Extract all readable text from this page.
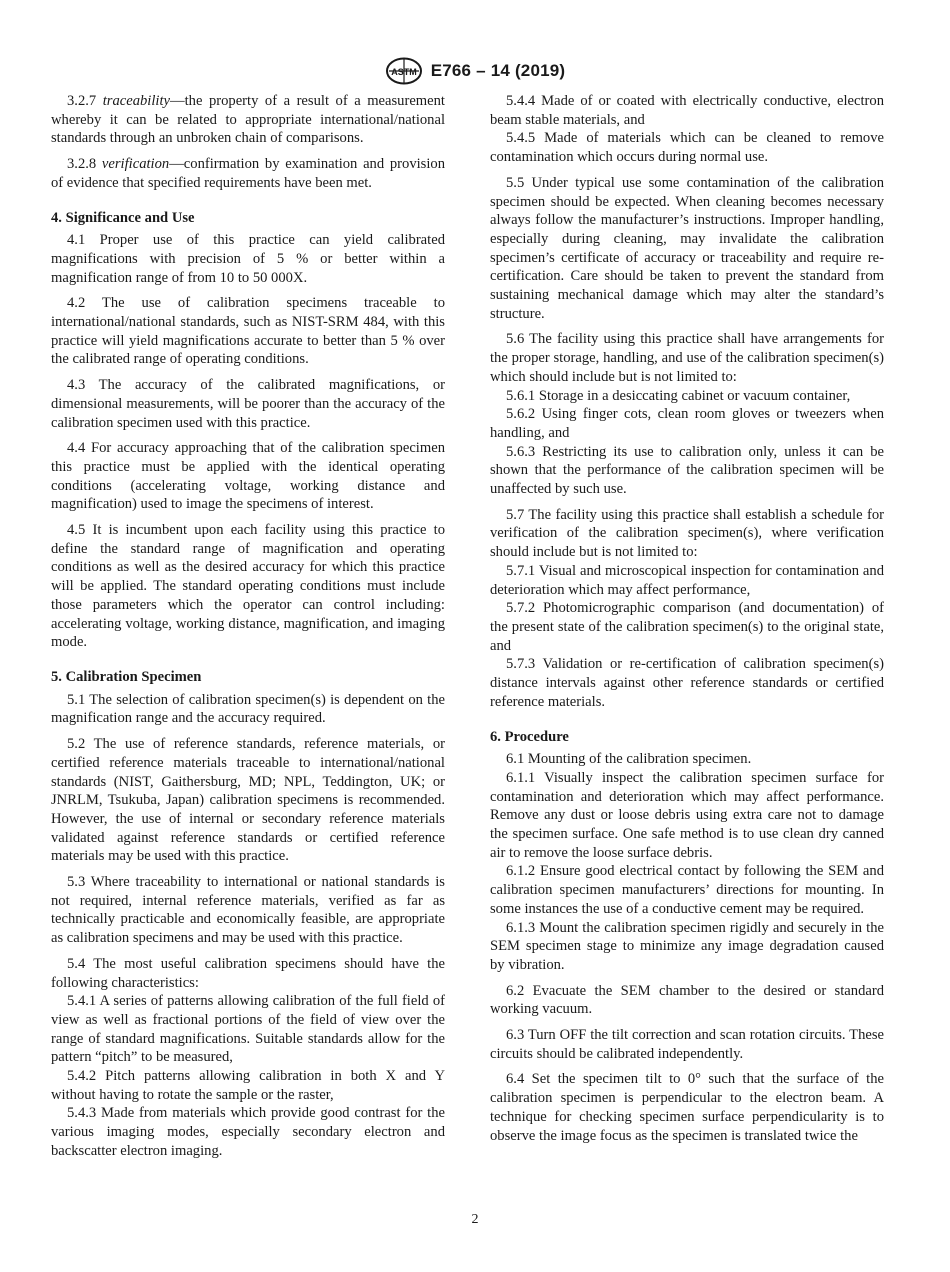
ASTM E766 – 14 (2019)

3.2.7 traceability—the property of a result of a measurement whereby it can be related to appropriate international/national standards through an unbroken chain of comparisons.

3.2.8 verification—confirmation by examination and provision of evidence that specified requirements have been met.

4. Significance and Use

4.1 Proper use of this practice can yield calibrated magnifications with precision of 5 % or better within a magnification range of from 10 to 50 000X.

4.2 The use of calibration specimens traceable to international/national standards, such as NIST-SRM 484, with this practice will yield magnifications accurate to better than 5 % over the calibrated range of operating conditions.

4.3 The accuracy of the calibrated magnifications, or dimensional measurements, will be poorer than the accuracy of the calibration specimen used with this practice.

4.4 For accuracy approaching that of the calibration specimen this practice must be applied with the identical operating conditions (accelerating voltage, working distance and magnification) used to image the specimens of interest.

4.5 It is incumbent upon each facility using this practice to define the standard range of magnification and operating conditions as well as the desired accuracy for which this practice will be applied. The standard operating conditions must include those parameters which the operator can control including: accelerating voltage, working distance, magnification, and imaging mode.

5. Calibration Specimen

5.1 The selection of calibration specimen(s) is dependent on the magnification range and the accuracy required.

5.2 The use of reference standards, reference materials, or certified reference materials traceable to international/national standards (NIST, Gaithersburg, MD; NPL, Teddington, UK; or JNRLM, Tsukuba, Japan) calibration specimens is recommended. However, the use of internal or secondary reference materials validated against reference standards or certified reference materials may be used with this practice.

5.3 Where traceability to international or national standards is not required, internal reference materials, verified as far as technically practicable and economically feasible, are appropriate as calibration specimens and may be used with this practice.

5.4 The most useful calibration specimens should have the following characteristics:

5.4.1 A series of patterns allowing calibration of the full field of view as well as fractional portions of the field of view over the range of standard magnifications. Suitable standards allow for the pattern “pitch” to be measured,

5.4.2 Pitch patterns allowing calibration in both X and Y without having to rotate the sample or the raster,

5.4.3 Made from materials which provide good contrast for the various imaging modes, especially secondary electron and backscatter electron imaging.

5.4.4 Made of or coated with electrically conductive, electron beam stable materials, and

5.4.5 Made of materials which can be cleaned to remove contamination which occurs during normal use.

5.5 Under typical use some contamination of the calibration specimen should be expected. When cleaning becomes necessary always follow the manufacturer’s instructions. Improper handling, especially during cleaning, may invalidate the calibration specimen’s certificate of accuracy or traceability and require re-certification. Care should be taken to prevent the standard from sustaining mechanical damage which may alter the standard’s structure.

5.6 The facility using this practice shall have arrangements for the proper storage, handling, and use of the calibration specimen(s) which should include but is not limited to:

5.6.1 Storage in a desiccating cabinet or vacuum container,

5.6.2 Using finger cots, clean room gloves or tweezers when handling, and

5.6.3 Restricting its use to calibration only, unless it can be shown that the performance of the calibration specimen will be unaffected by such use.

5.7 The facility using this practice shall establish a schedule for verification of the calibration specimen(s), where verification should include but is not limited to:

5.7.1 Visual and microscopical inspection for contamination and deterioration which may affect performance,

5.7.2 Photomicrographic comparison (and documentation) of the present state of the calibration specimen(s) to the original state, and

5.7.3 Validation or re-certification of calibration specimen(s) distance intervals against other reference standards or certified reference materials.

6. Procedure

6.1 Mounting of the calibration specimen.

6.1.1 Visually inspect the calibration specimen surface for contamination and deterioration which may affect performance. Remove any dust or loose debris using extra care not to damage the specimen surface. One safe method is to use clean dry canned air to remove the loose surface debris.

6.1.2 Ensure good electrical contact by following the SEM and calibration specimen manufacturers’ directions for mounting. In some instances the use of a conductive cement may be required.

6.1.3 Mount the calibration specimen rigidly and securely in the SEM specimen stage to minimize any image degradation caused by vibration.

6.2 Evacuate the SEM chamber to the desired or standard working vacuum.

6.3 Turn OFF the tilt correction and scan rotation circuits. These circuits should be calibrated independently.

6.4 Set the specimen tilt to 0° such that the surface of the calibration specimen is perpendicular to the electron beam. A technique for checking specimen surface perpendicularity is to observe the image focus as the specimen is translated twice the

2
